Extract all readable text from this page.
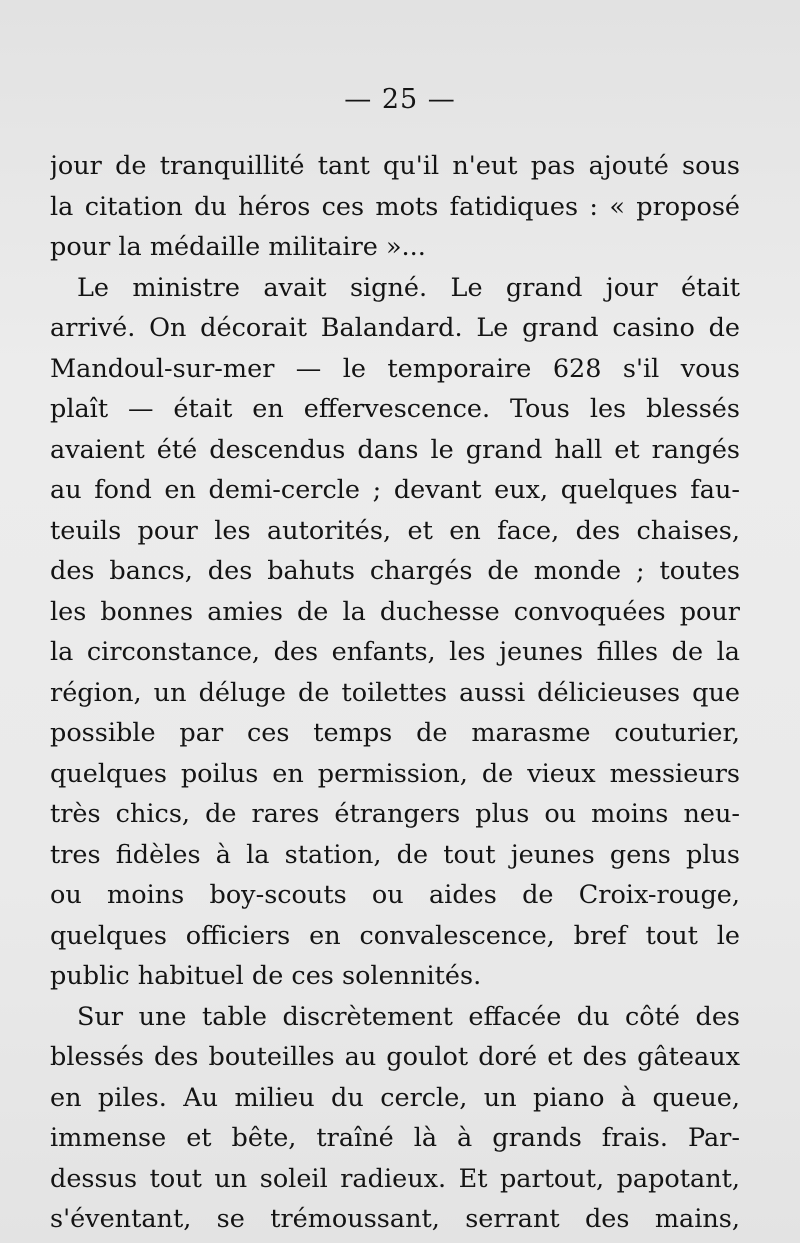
— 25 —
jour de tranquillité tant qu'il n'eut pas ajouté sous
la citation du héros ces mots fatidiques : « proposé
pour la médaille militaire »...
Le ministre avait signé. Le grand jour était
arrivé. On décorait Balandard. Le grand casino de
Mandoul-sur-mer — le temporaire 628 s'il vous
plaît — était en effervescence. Tous les blessés
avaient été descendus dans le grand hall et rangés
au fond en demi-cercle ; devant eux, quelques fau-
teuils pour les autorités, et en face, des chaises,
des bancs, des bahuts chargés de monde ; toutes
les bonnes amies de la duchesse convoquées pour
la circonstance, des enfants, les jeunes filles de la
région, un déluge de toilettes aussi délicieuses que
possible par ces temps de marasme couturier,
quelques poilus en permission, de vieux messieurs
très chics, de rares étrangers plus ou moins neu-
tres fidèles à la station, de tout jeunes gens plus
ou moins boy-scouts ou aides de Croix-rouge,
quelques officiers en convalescence, bref tout le
public habituel de ces solennités.
Sur une table discrètement effacée du côté des
blessés des bouteilles au goulot doré et des gâteaux
en piles. Au milieu du cercle, un piano à queue,
immense et bête, traîné là à grands frais. Par-
dessus tout un soleil radieux. Et partout, papotant,
s'éventant, se trémoussant, serrant des mains,
